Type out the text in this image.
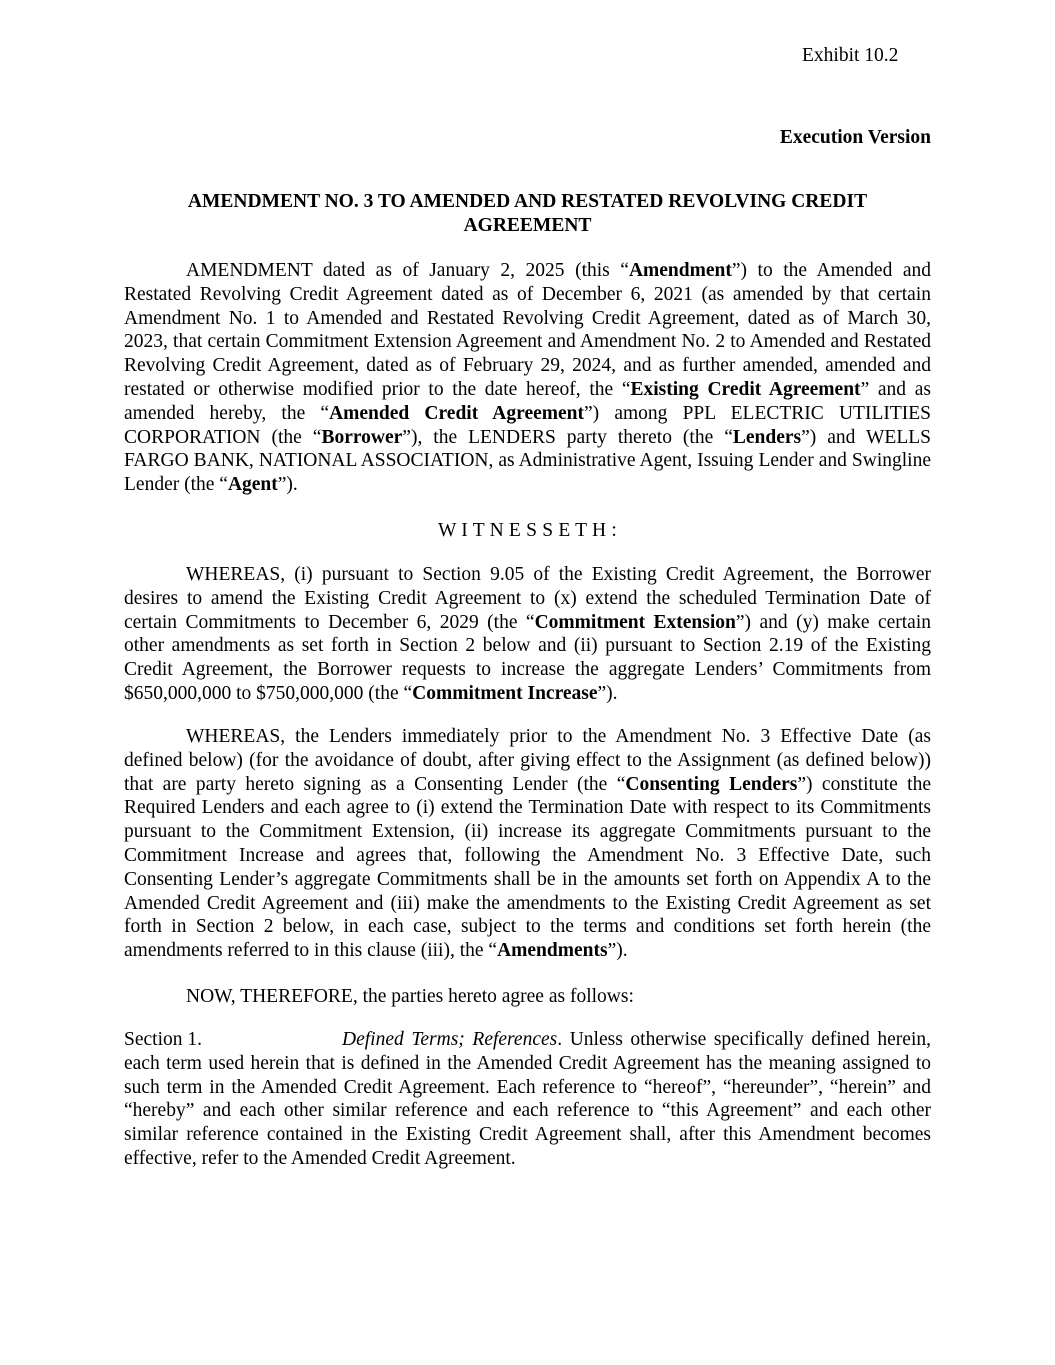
Exhibit 10.2
Execution Version
AMENDMENT NO. 3 TO AMENDED AND RESTATED REVOLVING CREDIT AGREEMENT

AMENDMENT dated as of January 2, 2025 (this “Amendment”) to the Amended and Restated Revolving Credit Agreement dated as of December 6, 2021 (as amended by that certain Amendment No. 1 to Amended and Restated Revolving Credit Agreement, dated as of March 30, 2023, that certain Commitment Extension Agreement and Amendment No. 2 to Amended and Restated Revolving Credit Agreement, dated as of February 29, 2024, and as further amended, amended and restated or otherwise modified prior to the date hereof, the “Existing Credit Agreement” and as amended hereby, the “Amended Credit Agreement”) among PPL ELECTRIC UTILITIES CORPORATION (the “Borrower”), the LENDERS party thereto (the “Lenders”) and WELLS FARGO BANK, NATIONAL ASSOCIATION, as Administrative Agent, Issuing Lender and Swingline Lender (the “Agent”).

W I T N E S S E T H :

WHEREAS, (i) pursuant to Section 9.05 of the Existing Credit Agreement, the Borrower desires to amend the Existing Credit Agreement to (x) extend the scheduled Termination Date of certain Commitments to December 6, 2029 (the “Commitment Extension”) and (y) make certain other amendments as set forth in Section 2 below and (ii) pursuant to Section 2.19 of the Existing Credit Agreement, the Borrower requests to increase the aggregate Lenders’ Commitments from $650,000,000 to $750,000,000 (the “Commitment Increase”).

WHEREAS, the Lenders immediately prior to the Amendment No. 3 Effective Date (as defined below) (for the avoidance of doubt, after giving effect to the Assignment (as defined below)) that are party hereto signing as a Consenting Lender (the “Consenting Lenders”) constitute the Required Lenders and each agree to (i) extend the Termination Date with respect to its Commitments pursuant to the Commitment Extension, (ii) increase its aggregate Commitments pursuant to the Commitment Increase and agrees that, following the Amendment No. 3 Effective Date, such Consenting Lender’s aggregate Commitments shall be in the amounts set forth on Appendix A to the Amended Credit Agreement and (iii) make the amendments to the Existing Credit Agreement as set forth in Section 2 below, in each case, subject to the terms and conditions set forth herein (the amendments referred to in this clause (iii), the “Amendments”).

NOW, THEREFORE, the parties hereto agree as follows:

Section 1.	Defined Terms; References. Unless otherwise specifically defined herein, each term used herein that is defined in the Amended Credit Agreement has the meaning assigned to such term in the Amended Credit Agreement. Each reference to “hereof”, “hereunder”, “herein” and “hereby” and each other similar reference and each reference to “this Agreement” and each other similar reference contained in the Existing Credit Agreement shall, after this Amendment becomes effective, refer to the Amended Credit Agreement.
